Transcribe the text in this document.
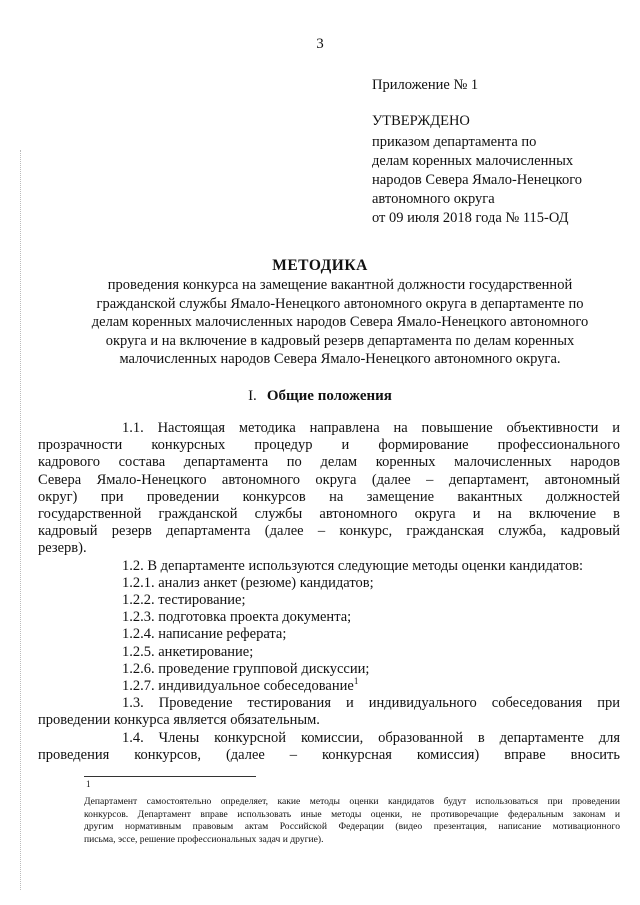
3
Приложение № 1
УТВЕРЖДЕНО
приказом департамента по
делам коренных малочисленных
народов Севера Ямало-Ненецкого
автономного округа
от 09 июля 2018 года № 115-ОД
МЕТОДИКА
проведения конкурса на замещение вакантной должности государственной
гражданской службы Ямало-Ненецкого автономного округа в департаменте по
делам коренных малочисленных народов Севера Ямало-Ненецкого автономного
округа и на включение в кадровый резерв департамента по делам коренных
малочисленных народов Севера Ямало-Ненецкого автономного округа.
I. Общие положения
1.1. Настоящая методика направлена на повышение объективности и
прозрачности конкурсных процедур и формирование профессионального
кадрового состава департамента по делам коренных малочисленных народов
Севера Ямало-Ненецкого автономного округа (далее – департамент, автономный
округ) при проведении конкурсов на замещение вакантных должностей
государственной гражданской службы автономного округа и на включение в
кадровый резерв департамента (далее – конкурс, гражданская служба, кадровый
резерв).
1.2. В департаменте используются следующие методы оценки кандидатов:
1.2.1. анализ анкет (резюме) кандидатов;
1.2.2. тестирование;
1.2.3. подготовка проекта документа;
1.2.4. написание реферата;
1.2.5. анкетирование;
1.2.6. проведение групповой дискуссии;
1.2.7. индивидуальное собеседование$^1$
1.3. Проведение тестирования и индивидуального собеседования при
проведении конкурса является обязательным.
1.4. Члены конкурсной комиссии, образованной в департаменте для
проведения конкурсов, (далее – конкурсная комиссия) вправе вносить
1
Департамент самостоятельно определяет, какие методы оценки кандидатов будут использоваться при проведении
конкурсов. Департамент вправе использовать иные методы оценки, не противоречащие федеральным законам и
другим нормативным правовым актам Российской Федерации (видео презентация, написание мотивационного
письма, эссе, решение профессиональных задач и другие).
